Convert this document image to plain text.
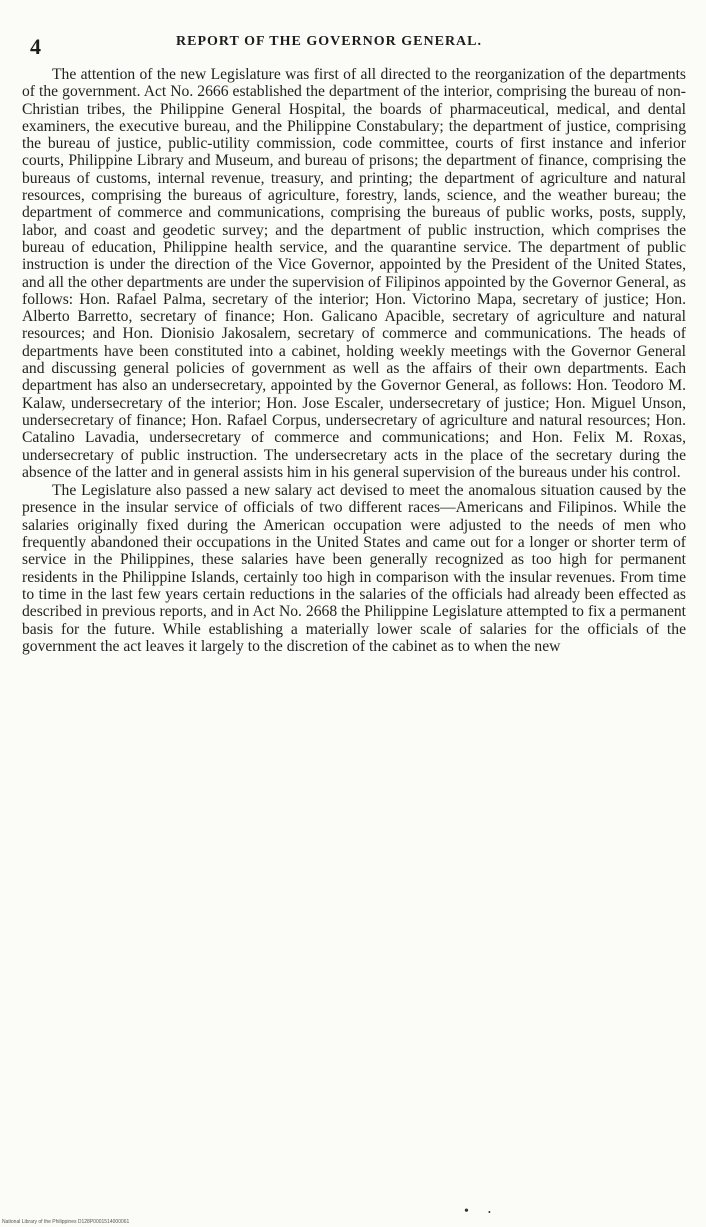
4	REPORT OF THE GOVERNOR GENERAL.

The attention of the new Legislature was first of all directed to the reorganization of the departments of the government. Act No. 2666 established the department of the interior, comprising the bureau of non-Christian tribes, the Philippine General Hospital, the boards of pharmaceutical, medical, and dental examiners, the executive bureau, and the Philippine Constabulary; the department of justice, comprising the bureau of justice, public-utility commission, code committee, courts of first instance and inferior courts, Philippine Library and Museum, and bureau of prisons; the department of finance, comprising the bureaus of customs, internal revenue, treasury, and printing; the department of agriculture and natural resources, comprising the bureaus of agriculture, forestry, lands, science, and the weather bureau; the department of commerce and communications, comprising the bureaus of public works, posts, supply, labor, and coast and geodetic survey; and the department of public instruction, which comprises the bureau of education, Philippine health service, and the quarantine service. The department of public instruction is under the direction of the Vice Governor, appointed by the President of the United States, and all the other departments are under the supervision of Filipinos appointed by the Governor General, as follows: Hon. Rafael Palma, secretary of the interior; Hon. Victorino Mapa, secretary of justice; Hon. Alberto Barretto, secretary of finance; Hon. Galicano Apacible, secretary of agriculture and natural resources; and Hon. Dionisio Jakosalem, secretary of commerce and communications. The heads of departments have been constituted into a cabinet, holding weekly meetings with the Governor General and discussing general policies of government as well as the affairs of their own departments. Each department has also an undersecretary, appointed by the Governor General, as follows: Hon. Teodoro M. Kalaw, undersecretary of the interior; Hon. Jose Escaler, undersecretary of justice; Hon. Miguel Unson, undersecretary of finance; Hon. Rafael Corpus, undersecretary of agriculture and natural resources; Hon. Catalino Lavadia, undersecretary of commerce and communications; and Hon. Felix M. Roxas, undersecretary of public instruction. The undersecretary acts in the place of the secretary during the absence of the latter and in general assists him in his general supervision of the bureaus under his control.

The Legislature also passed a new salary act devised to meet the anomalous situation caused by the presence in the insular service of officials of two different races—Americans and Filipinos. While the salaries originally fixed during the American occupation were adjusted to the needs of men who frequently abandoned their occupations in the United States and came out for a longer or shorter term of service in the Philippines, these salaries have been generally recognized as too high for permanent residents in the Philippine Islands, certainly too high in comparison with the insular revenues. From time to time in the last few years certain reductions in the salaries of the officials had already been effected as described in previous reports, and in Act No. 2668 the Philippine Legislature attempted to fix a permanent basis for the future. While establishing a materially lower scale of salaries for the officials of the government the act leaves it largely to the discretion of the cabinet as to when the new

• •
National Library of the Philippines D128P0001514000061
